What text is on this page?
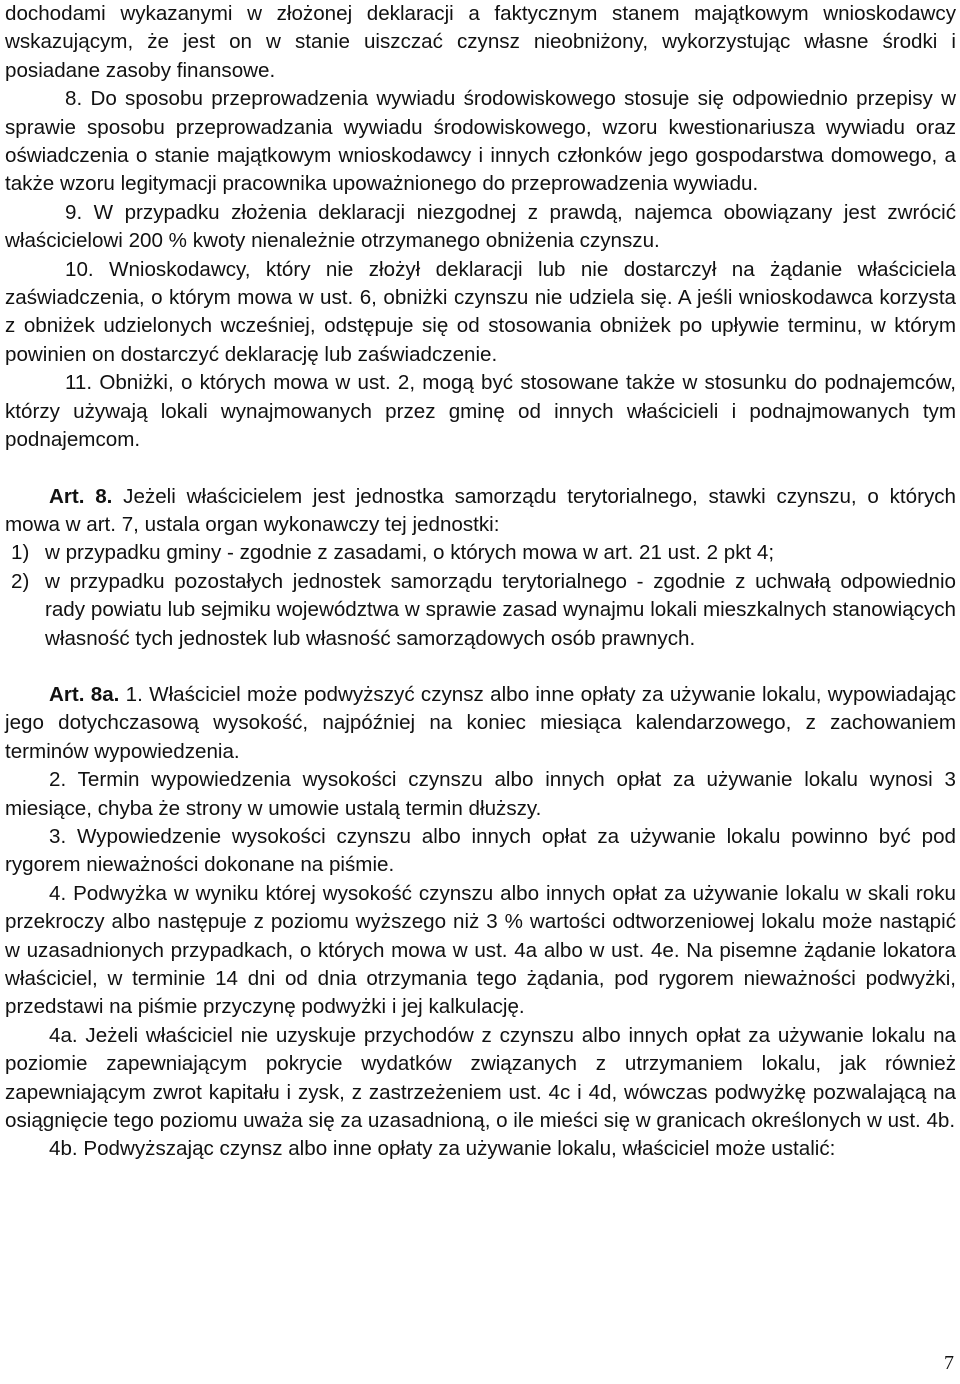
dochodami wykazanymi w złożonej deklaracji a faktycznym stanem majątkowym wnioskodawcy wskazującym, że jest on w stanie uiszczać czynsz nieobniżony, wykorzystując własne środki i posiadane zasoby finansowe.

8. Do sposobu przeprowadzenia wywiadu środowiskowego stosuje się odpowiednio przepisy w sprawie sposobu przeprowadzania wywiadu środowiskowego, wzoru kwestionariusza wywiadu oraz oświadczenia o stanie majątkowym wnioskodawcy i innych członków jego gospodarstwa domowego, a także wzoru legitymacji pracownika upoważnionego do przeprowadzenia wywiadu.

9. W przypadku złożenia deklaracji niezgodnej z prawdą, najemca obowiązany jest zwrócić właścicielowi 200 % kwoty nienależnie otrzymanego obniżenia czynszu.

10. Wnioskodawcy, który nie złożył deklaracji lub nie dostarczył na żądanie właściciela zaświadczenia, o którym mowa w ust. 6, obniżki czynszu nie udziela się. A jeśli wnioskodawca korzysta z obniżek udzielonych wcześniej, odstępuje się od stosowania obniżek po upływie terminu, w którym powinien on dostarczyć deklarację lub zaświadczenie.

11. Obniżki, o których mowa w ust. 2, mogą być stosowane także w stosunku do podnajemców, którzy używają lokali wynajmowanych przez gminę od innych właścicieli i podnajmowanych tym podnajemcom.

Art. 8. Jeżeli właścicielem jest jednostka samorządu terytorialnego, stawki czynszu, o których mowa w art. 7, ustala organ wykonawczy tej jednostki:

1) w przypadku gminy - zgodnie z zasadami, o których mowa w art. 21 ust. 2 pkt 4;
2) w przypadku pozostałych jednostek samorządu terytorialnego - zgodnie z uchwałą odpowiednio rady powiatu lub sejmiku województwa w sprawie zasad wynajmu lokali mieszkalnych stanowiących własność tych jednostek lub własność samorządowych osób prawnych.

Art. 8a. 1. Właściciel może podwyższyć czynsz albo inne opłaty za używanie lokalu, wypowiadając jego dotychczasową wysokość, najpóźniej na koniec miesiąca kalendarzowego, z zachowaniem terminów wypowiedzenia.

2. Termin wypowiedzenia wysokości czynszu albo innych opłat za używanie lokalu wynosi 3 miesiące, chyba że strony w umowie ustalą termin dłuższy.

3. Wypowiedzenie wysokości czynszu albo innych opłat za używanie lokalu powinno być pod rygorem nieważności dokonane na piśmie.

4. Podwyżka w wyniku której wysokość czynszu albo innych opłat za używanie lokalu w skali roku przekroczy albo następuje z poziomu wyższego niż 3 % wartości odtworzeniowej lokalu może nastąpić w uzasadnionych przypadkach, o których mowa w ust. 4a albo w ust. 4e. Na pisemne żądanie lokatora właściciel, w terminie 14 dni od dnia otrzymania tego żądania, pod rygorem nieważności podwyżki, przedstawi na piśmie przyczynę podwyżki i jej kalkulację.

4a. Jeżeli właściciel nie uzyskuje przychodów z czynszu albo innych opłat za używanie lokalu na poziomie zapewniającym pokrycie wydatków związanych z utrzymaniem lokalu, jak również zapewniającym zwrot kapitału i zysk, z zastrzeżeniem ust. 4c i 4d, wówczas podwyżkę pozwalającą na osiągnięcie tego poziomu uważa się za uzasadnioną, o ile mieści się w granicach określonych w ust. 4b.

4b. Podwyższając czynsz albo inne opłaty za używanie lokalu, właściciel może ustalić:

7
